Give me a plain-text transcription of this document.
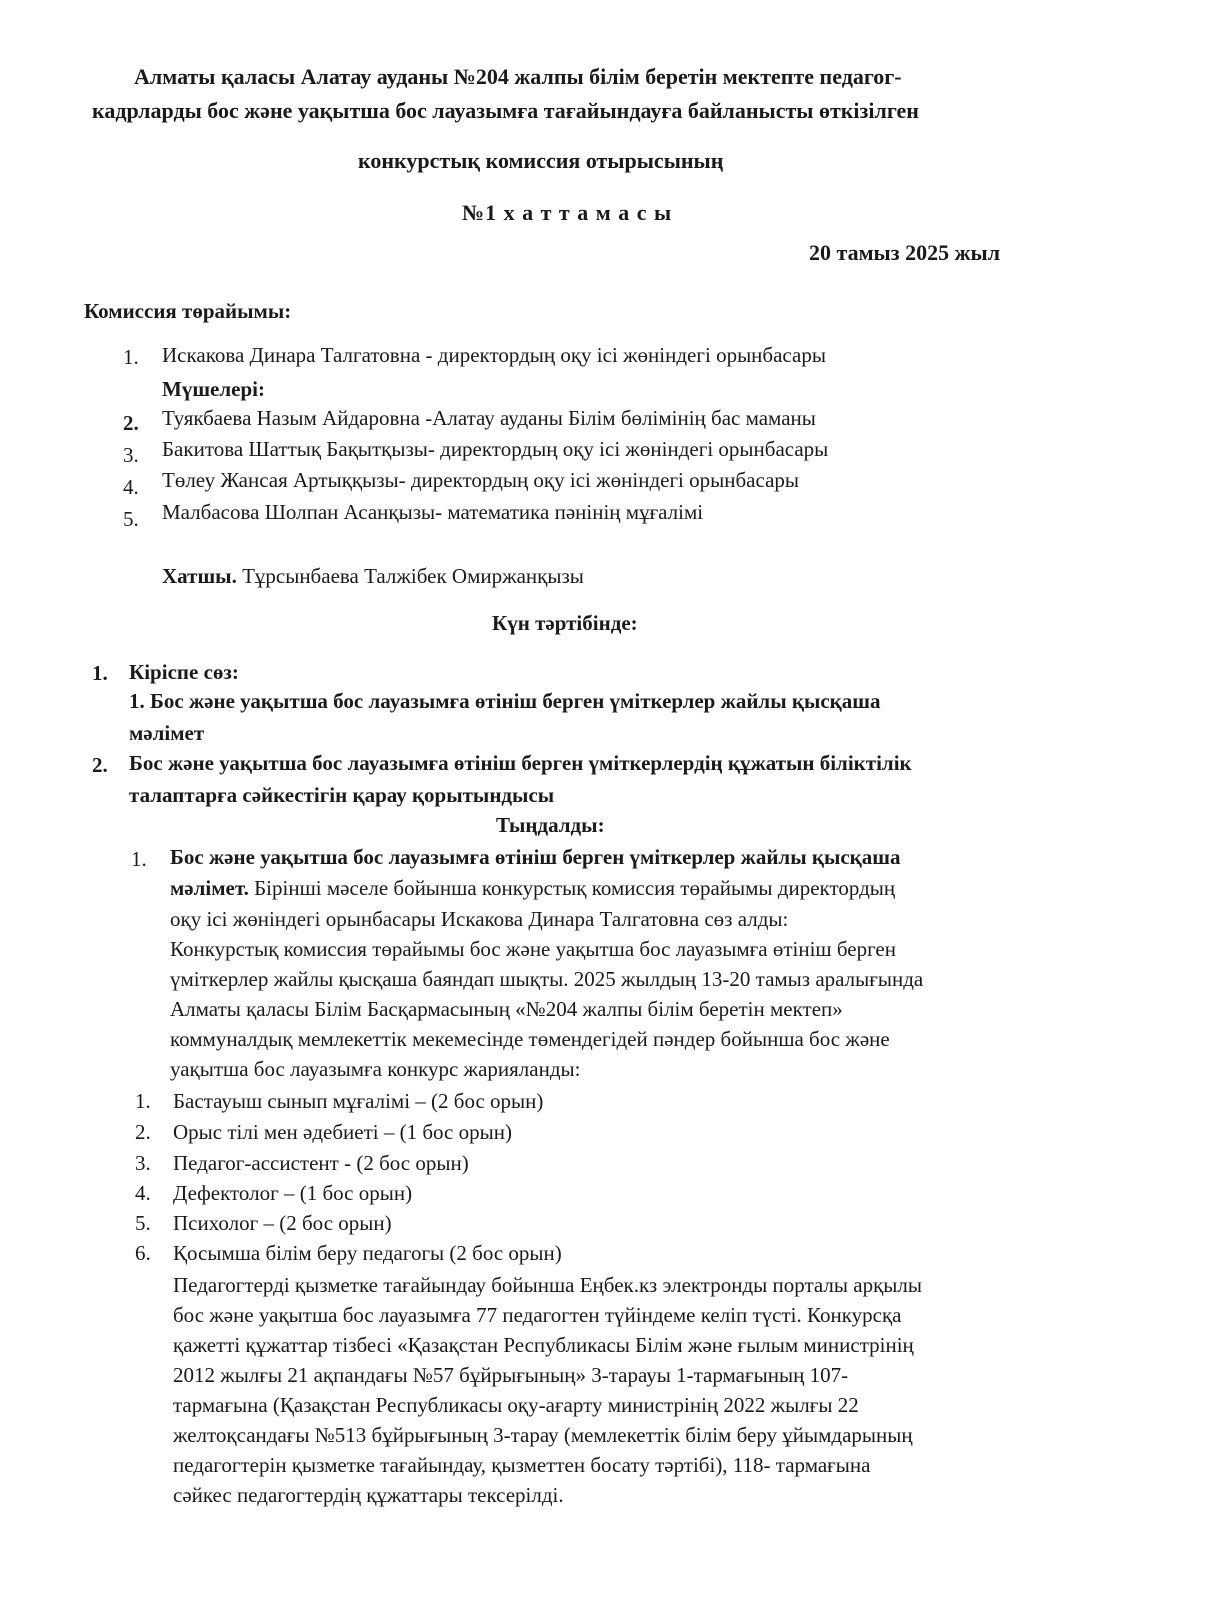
Алматы қаласы Алатау ауданы №204 жалпы білім беретін мектепте педагог-
кадрларды бос және уақытша бос лауазымға тағайындауға байланысты өткізілген
конкурстық комиссия отырысының
№1 х а т т а м а с ы
20 тамыз 2025 жыл
Комиссия төрайымы:
1. Искакова Динара Талгатовна - директордың оқу ісі жөніндегі орынбасары
Мүшелері:
2. Туякбаева Назым Айдаровна -Алатау ауданы Білім бөлімінің бас маманы
3. Бакитова Шаттық Бақытқызы- директордың оқу ісі жөніндегі орынбасары
4. Төлеу Жансая Артыққызы- директордың оқу ісі жөніндегі орынбасары
5. Малбасова Шолпан Асанқызы- математика пәнінің мұғалімі
Хатшы. Тұрсынбаева Талжібек Омиржанқызы
Күн тәртібінде:
1. Кіріспе сөз:
1. Бос және уақытша бос лауазымға өтініш берген үміткерлер жайлы қысқаша
мәлімет
2. Бос және уақытша бос лауазымға өтініш берген үміткерлердің құжатын біліктілік
талаптарға сәйкестігін қарау қорытындысы
Тыңдалды:
1. Бос және уақытша бос лауазымға өтініш берген үміткерлер жайлы қысқаша
мәлімет. Бірінші мәселе бойынша конкурстық комиссия төрайымы директордың
оқу ісі жөніндегі орынбасары Искакова Динара Талгатовна сөз алды:
Конкурстық комиссия төрайымы бос және уақытша бос лауазымға өтініш берген
үміткерлер жайлы қысқаша баяндап шықты. 2025 жылдың 13-20 тамыз аралығында
Алматы қаласы Білім Басқармасының «№204 жалпы білім беретін мектеп»
коммуналдық мемлекеттік мекемесінде төмендегідей пәндер бойынша бос және
уақытша бос лауазымға конкурс жарияланды:
1. Бастауыш сынып мұғалімі – (2 бос орын)
2. Орыс тілі мен әдебиеті – (1 бос орын)
3. Педагог-ассистент - (2 бос орын)
4. Дефектолог – (1 бос орын)
5. Психолог – (2 бос орын)
6. Қосымша білім беру педагогы (2 бос орын)
Педагогтерді қызметке тағайындау бойынша Еңбек.кз электронды порталы арқылы
бос және уақытша бос лауазымға 77 педагогтен түйіндеме келіп түсті. Конкурсқа
қажетті құжаттар тізбесі «Қазақстан Республикасы Білім және ғылым министрінің
2012 жылғы 21 ақпандағы №57 бұйрығының» 3-тарауы 1-тармағының 107-
тармағына (Қазақстан Республикасы оқу-ағарту министрінің 2022 жылғы 22
желтоқсандағы №513 бұйрығының 3-тарау (мемлекеттік білім беру ұйымдарының
педагогтерін қызметке тағайындау, қызметтен босату тәртібі), 118- тармағына
сәйкес педагогтердің құжаттары тексерілді.
